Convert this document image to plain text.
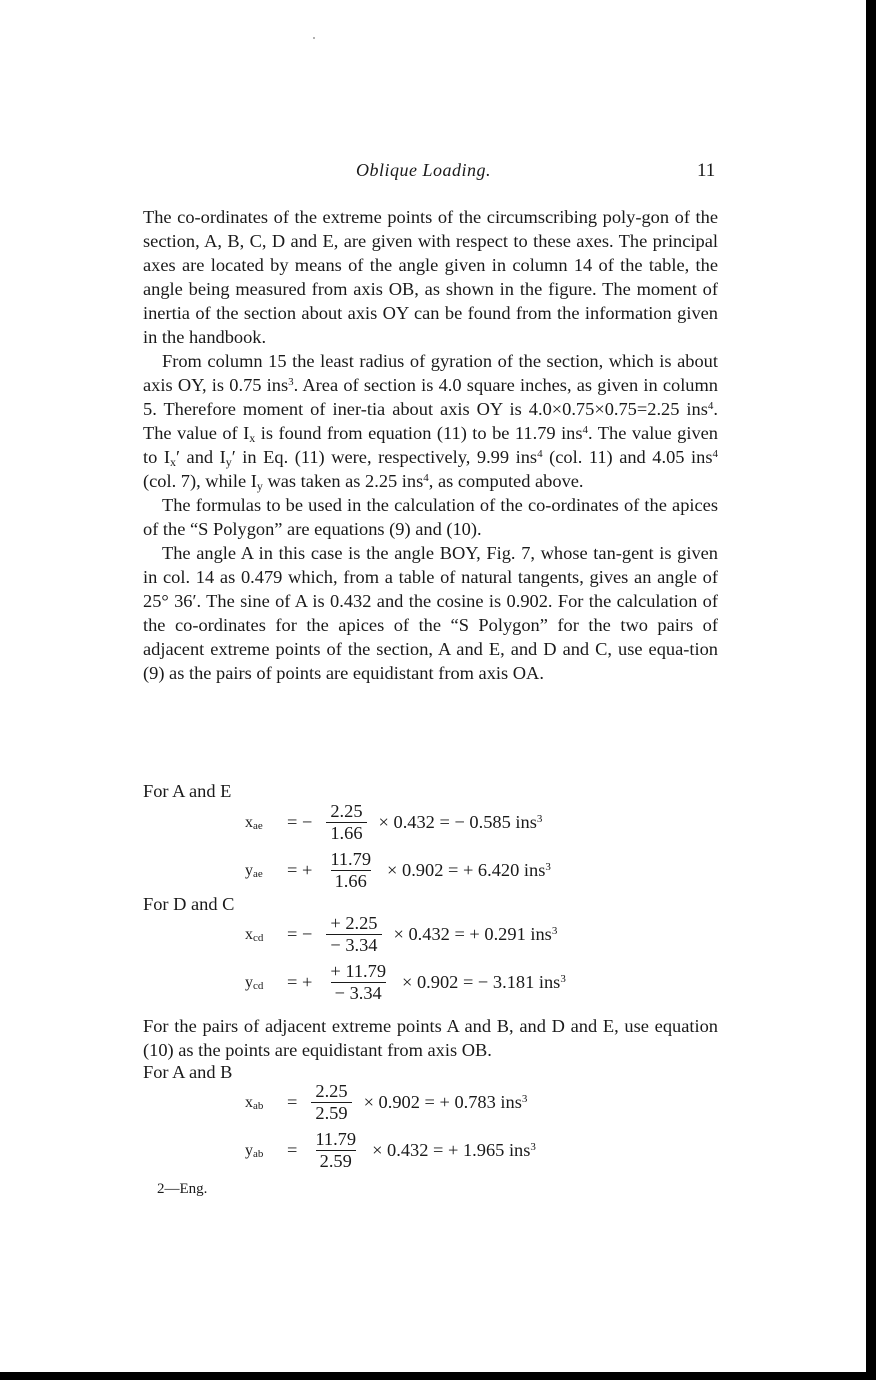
Oblique Loading.	11

The co-ordinates of the extreme points of the circumscribing poly-gon of the section, A, B, C, D and E, are given with respect to these axes. The principal axes are located by means of the angle given in column 14 of the table, the angle being measured from axis OB, as shown in the figure. The moment of inertia of the section about axis OY can be found from the information given in the handbook.

From column 15 the least radius of gyration of the section, which is about axis OY, is 0.75 ins$^3$. Area of section is 4.0 square inches, as given in column 5. Therefore moment of iner-tia about axis OY is 4.0×0.75×0.75=2.25 ins$^4$. The value of $I_x$ is found from equation (11) to be 11.79 ins$^4$. The value given to $I_x'$ and $I_y'$ in Eq. (11) were, respectively, 9.99 ins$^4$ (col. 11) and 4.05 ins$^4$ (col. 7), while $I_y$ was taken as 2.25 ins$^4$, as computed above.

The formulas to be used in the calculation of the co-ordinates of the apices of the “S Polygon” are equations (9) and (10).

The angle A in this case is the angle BOY, Fig. 7, whose tan-gent is given in col. 14 as 0.479 which, from a table of natural tangents, gives an angle of 25° 36′. The sine of A is 0.432 and the cosine is 0.902. For the calculation of the co-ordinates for the apices of the “S Polygon” for the two pairs of adjacent extreme points of the section, A and E, and D and C, use equa-tion (9) as the pairs of points are equidistant from axis OA.

For A and E
$x_{ae}$	= − $\frac{2.25}{1.66} \times 0.432$ = − 0.585 ins$^3$
$y_{ae}$	= + $\frac{11.79}{1.66} \times 0.902$ = + 6.420 ins$^3$
For D and C
$x_{cd}$	= − $\frac{+ 2.25}{- 3.34} \times 0.432$ = + 0.291 ins$^3$
$y_{cd}$	= + $\frac{+ 11.79}{- 3.34} \times 0.902$ = − 3.181 ins$^3$

For the pairs of adjacent extreme points A and B, and D and E, use equation (10) as the points are equidistant from axis OB.

For A and B
$x_{ab}$	= $\frac{2.25}{2.59} \times 0.902$ = + 0.783 ins$^3$
$y_{ab}$	= $\frac{11.79}{2.59} \times 0.432$ = + 1.965 ins$^3$
2—Eng.
